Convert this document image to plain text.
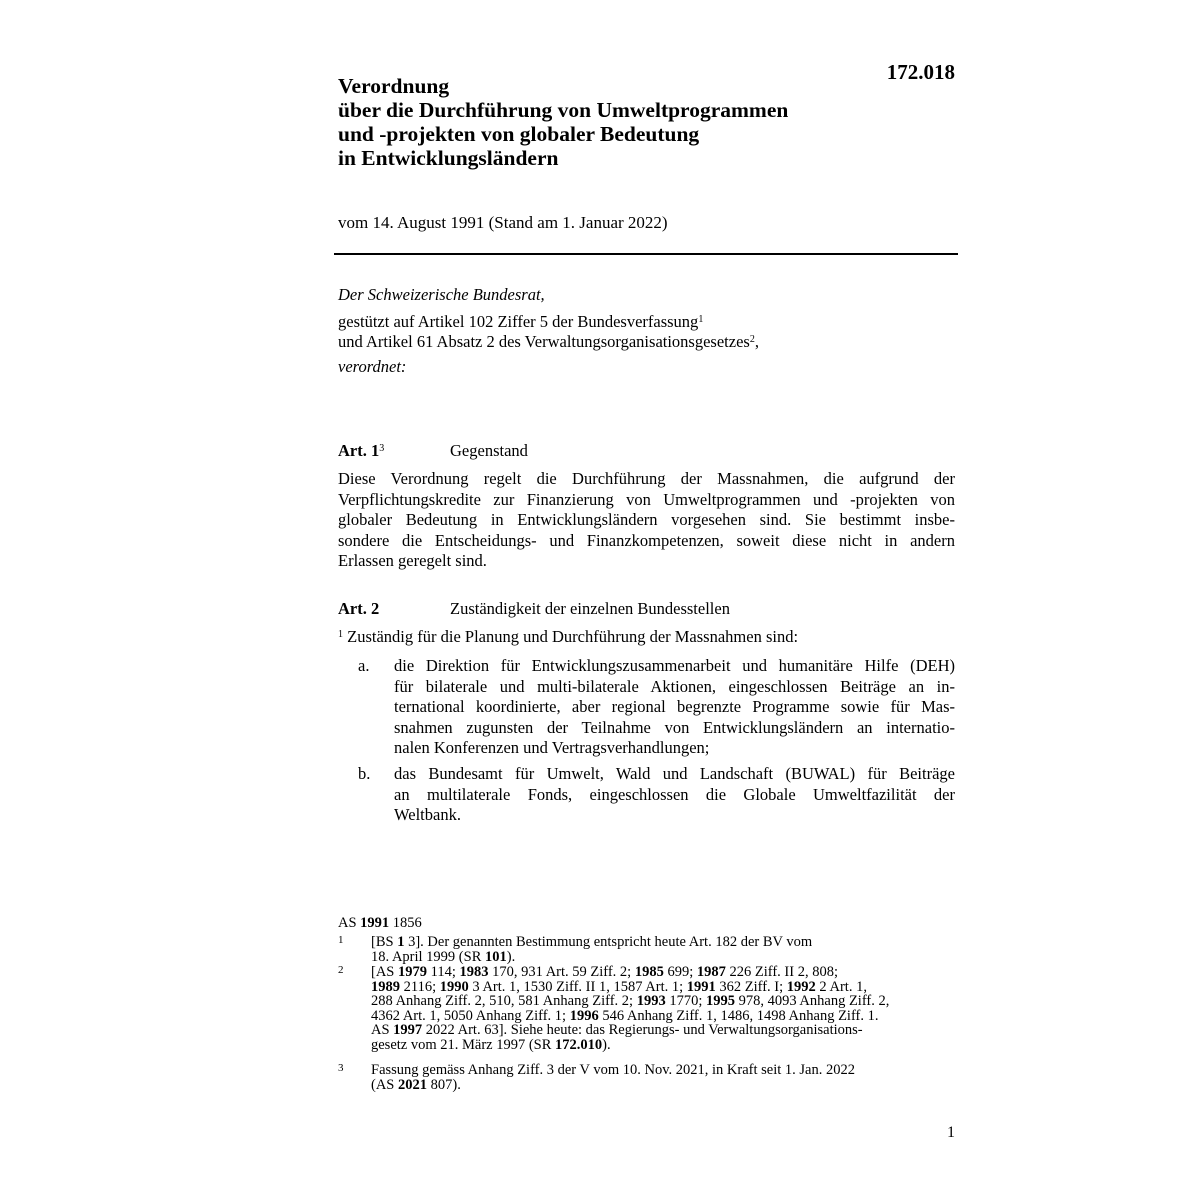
172.018
Verordnung
über die Durchführung von Umweltprogrammen
und -projekten von globaler Bedeutung
in Entwicklungsländern
vom 14. August 1991 (Stand am 1. Januar 2022)
Der Schweizerische Bundesrat,
gestützt auf Artikel 102 Ziffer 5 der Bundesverfassung$^1$
und Artikel 61 Absatz 2 des Verwaltungsorganisationsgesetzes$^2$,
verordnet:
Art. $1^3$	Gegenstand
Diese Verordnung regelt die Durchführung der Massnahmen, die aufgrund der
Verpflichtungskredite zur Finanzierung von Umweltprogrammen und -projekten von
globaler Bedeutung in Entwicklungsländern vorgesehen sind. Sie bestimmt insbe-
sondere die Entscheidungs- und Finanzkompetenzen, soweit diese nicht in andern
Erlassen geregelt sind.
Art. 2	Zuständigkeit der einzelnen Bundesstellen
$^1$ Zuständig für die Planung und Durchführung der Massnahmen sind:
a. die Direktion für Entwicklungszusammenarbeit und humanitäre Hilfe (DEH)
für bilaterale und multi-bilaterale Aktionen, eingeschlossen Beiträge an in-
ternational koordinierte, aber regional begrenzte Programme sowie für Mas-
snahmen zugunsten der Teilnahme von Entwicklungsländern an internatio-
nalen Konferenzen und Vertragsverhandlungen;
b. das Bundesamt für Umwelt, Wald und Landschaft (BUWAL) für Beiträge
an multilaterale Fonds, eingeschlossen die Globale Umweltfazilität der
Weltbank.
AS 1991 1856
1 [BS 1 3]. Der genannten Bestimmung entspricht heute Art. 182 der BV vom
18. April 1999 (SR 101).
2 [AS 1979 114; 1983 170, 931 Art. 59 Ziff. 2; 1985 699; 1987 226 Ziff. II 2, 808;
1989 2116; 1990 3 Art. 1, 1530 Ziff. II 1, 1587 Art. 1; 1991 362 Ziff. I; 1992 2 Art. 1,
288 Anhang Ziff. 2, 510, 581 Anhang Ziff. 2; 1993 1770; 1995 978, 4093 Anhang Ziff. 2,
4362 Art. 1, 5050 Anhang Ziff. 1; 1996 546 Anhang Ziff. 1, 1486, 1498 Anhang Ziff. 1.
AS 1997 2022 Art. 63]. Siehe heute: das Regierungs- und Verwaltungsorganisations-
gesetz vom 21. März 1997 (SR 172.010).
3 Fassung gemäss Anhang Ziff. 3 der V vom 10. Nov. 2021, in Kraft seit 1. Jan. 2022
(AS 2021 807).
1
